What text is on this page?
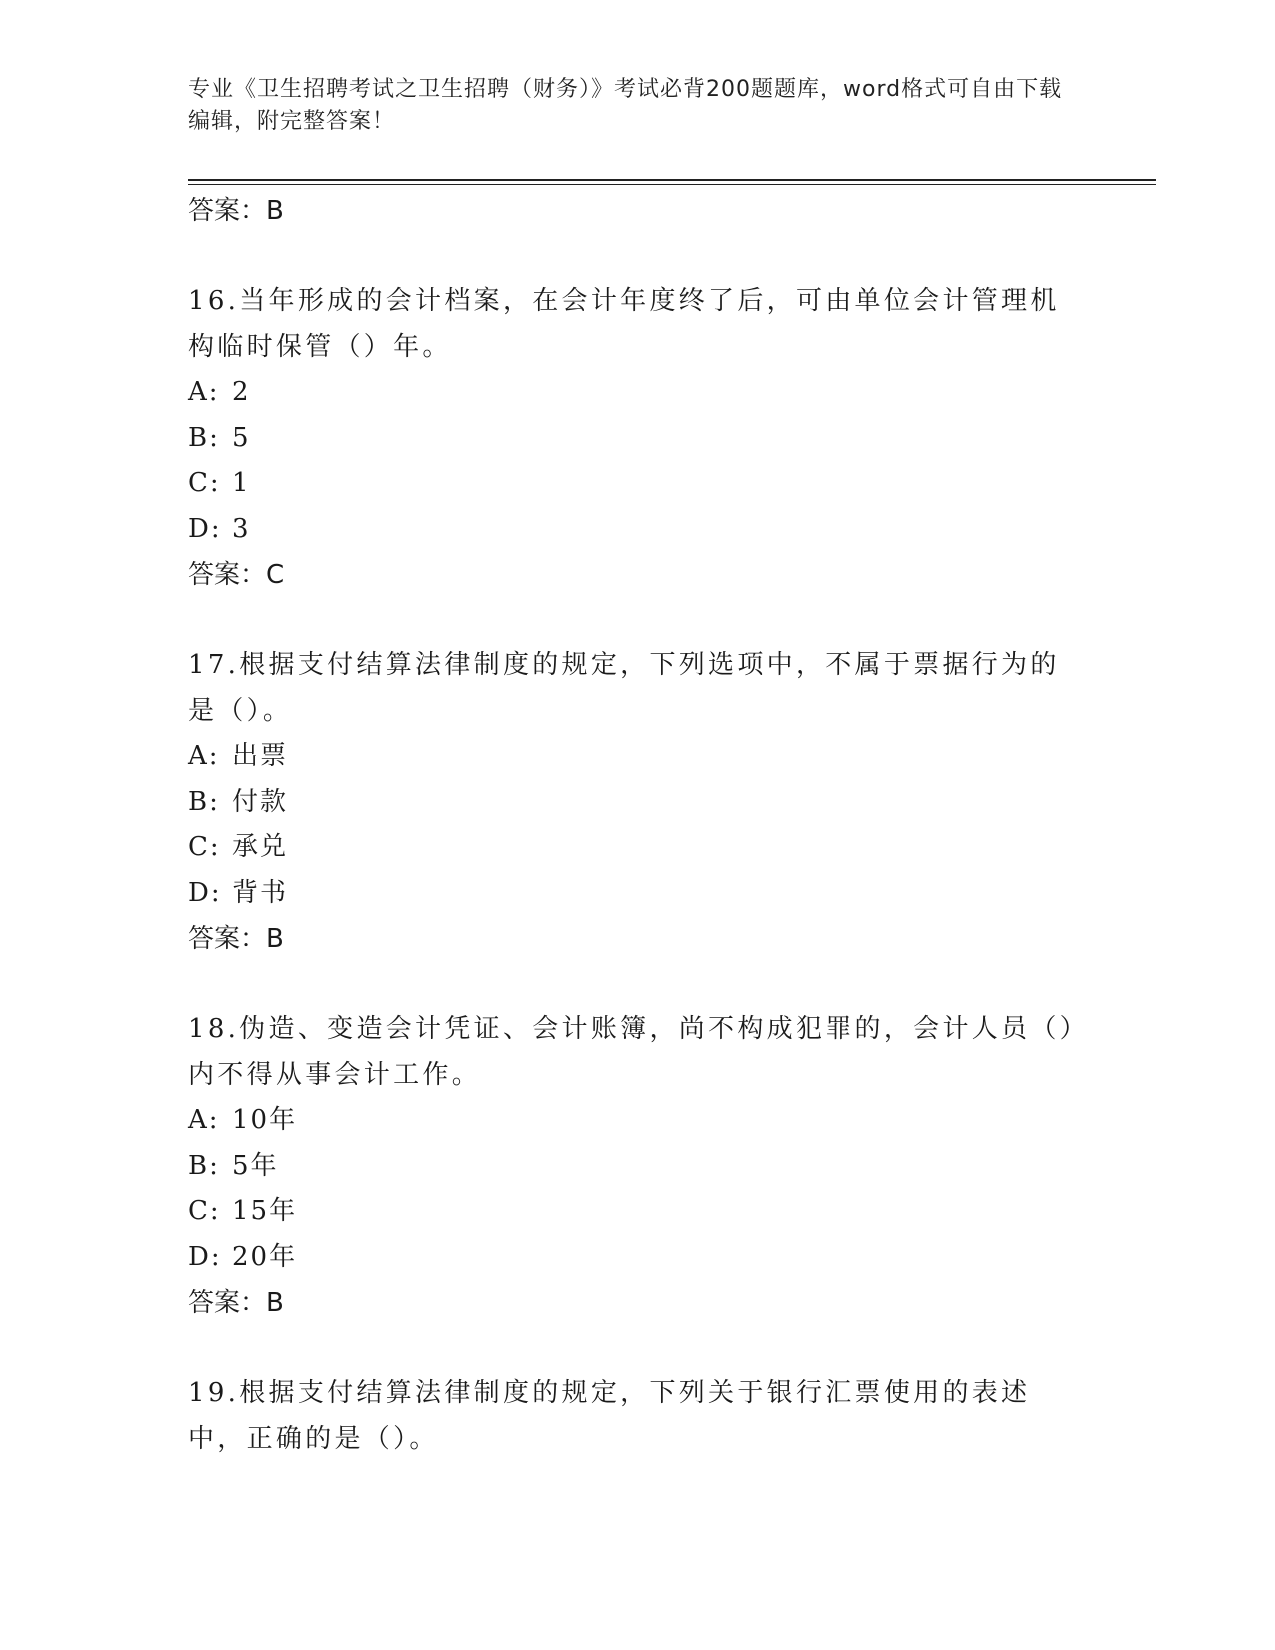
专业《卫生招聘考试之卫生招聘（财务）》考试必背200题题库，word格式可自由下载编辑，附完整答案！
答案：B
16.当年形成的会计档案，在会计年度终了后，可由单位会计管理机构临时保管（）年。
A: 2
B: 5
C: 1
D: 3
答案：C
17.根据支付结算法律制度的规定，下列选项中，不属于票据行为的是（）。
A: 出票
B: 付款
C: 承兑
D: 背书
答案：B
18.伪造、变造会计凭证、会计账簿，尚不构成犯罪的，会计人员（）内不得从事会计工作。
A: 10年
B: 5年
C: 15年
D: 20年
答案：B
19.根据支付结算法律制度的规定，下列关于银行汇票使用的表述中，正确的是（）。
